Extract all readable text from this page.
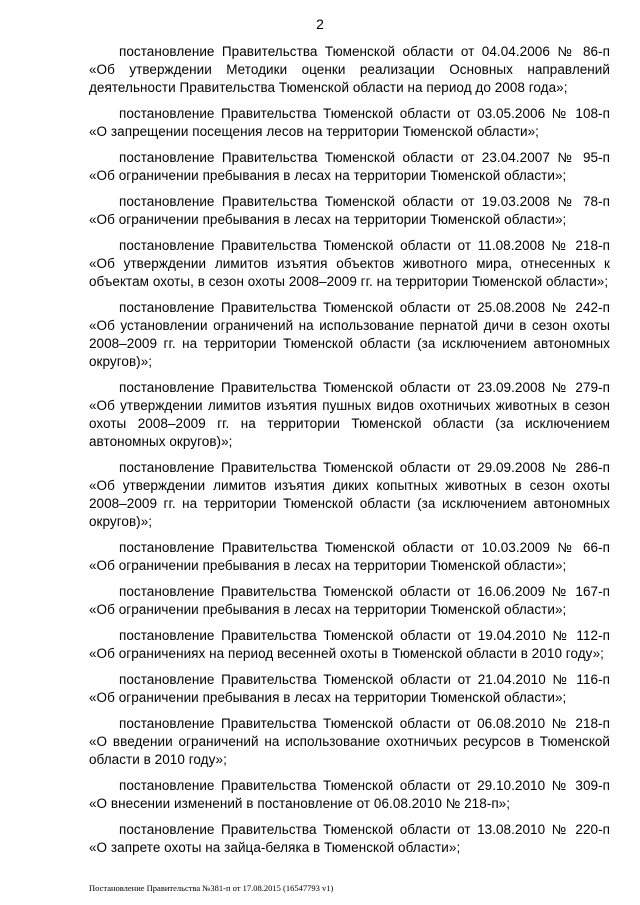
2

постановление Правительства Тюменской области от 04.04.2006 № 86-п «Об утверждении Методики оценки реализации Основных направлений деятельности Правительства Тюменской области на период до 2008 года»;

постановление Правительства Тюменской области от 03.05.2006 № 108-п «О запрещении посещения лесов на территории Тюменской области»;

постановление Правительства Тюменской области от 23.04.2007 № 95-п «Об ограничении пребывания в лесах на территории Тюменской области»;

постановление Правительства Тюменской области от 19.03.2008 № 78-п «Об ограничении пребывания в лесах на территории Тюменской области»;

постановление Правительства Тюменской области от 11.08.2008 № 218-п «Об утверждении лимитов изъятия объектов животного мира, отнесенных к объектам охоты, в сезон охоты 2008–2009 гг. на территории Тюменской области»;

постановление Правительства Тюменской области от 25.08.2008 № 242-п «Об установлении ограничений на использование пернатой дичи в сезон охоты 2008–2009 гг. на территории Тюменской области (за исключением автономных округов)»;

постановление Правительства Тюменской области от 23.09.2008 № 279-п «Об утверждении лимитов изъятия пушных видов охотничьих животных в сезон охоты 2008–2009 гг. на территории Тюменской области (за исключением автономных округов)»;

постановление Правительства Тюменской области от 29.09.2008 № 286-п «Об утверждении лимитов изъятия диких копытных животных в сезон охоты 2008–2009 гг. на территории Тюменской области (за исключением автономных округов)»;

постановление Правительства Тюменской области от 10.03.2009 № 66-п «Об ограничении пребывания в лесах на территории Тюменской области»;

постановление Правительства Тюменской области от 16.06.2009 № 167-п «Об ограничении пребывания в лесах на территории Тюменской области»;

постановление Правительства Тюменской области от 19.04.2010 № 112-п «Об ограничениях на период весенней охоты в Тюменской области в 2010 году»;

постановление Правительства Тюменской области от 21.04.2010 № 116-п «Об ограничении пребывания в лесах на территории Тюменской области»;

постановление Правительства Тюменской области от 06.08.2010 № 218-п «О введении ограничений на использование охотничьих ресурсов в Тюменской области в 2010 году»;

постановление Правительства Тюменской области от 29.10.2010 № 309-п «О внесении изменений в постановление от 06.08.2010 № 218-п»;

постановление Правительства Тюменской области от 13.08.2010 № 220-п «О запрете охоты на зайца-беляка в Тюменской области»;

Постановление Правительства №381-п от 17.08.2015 (16547793 v1)
